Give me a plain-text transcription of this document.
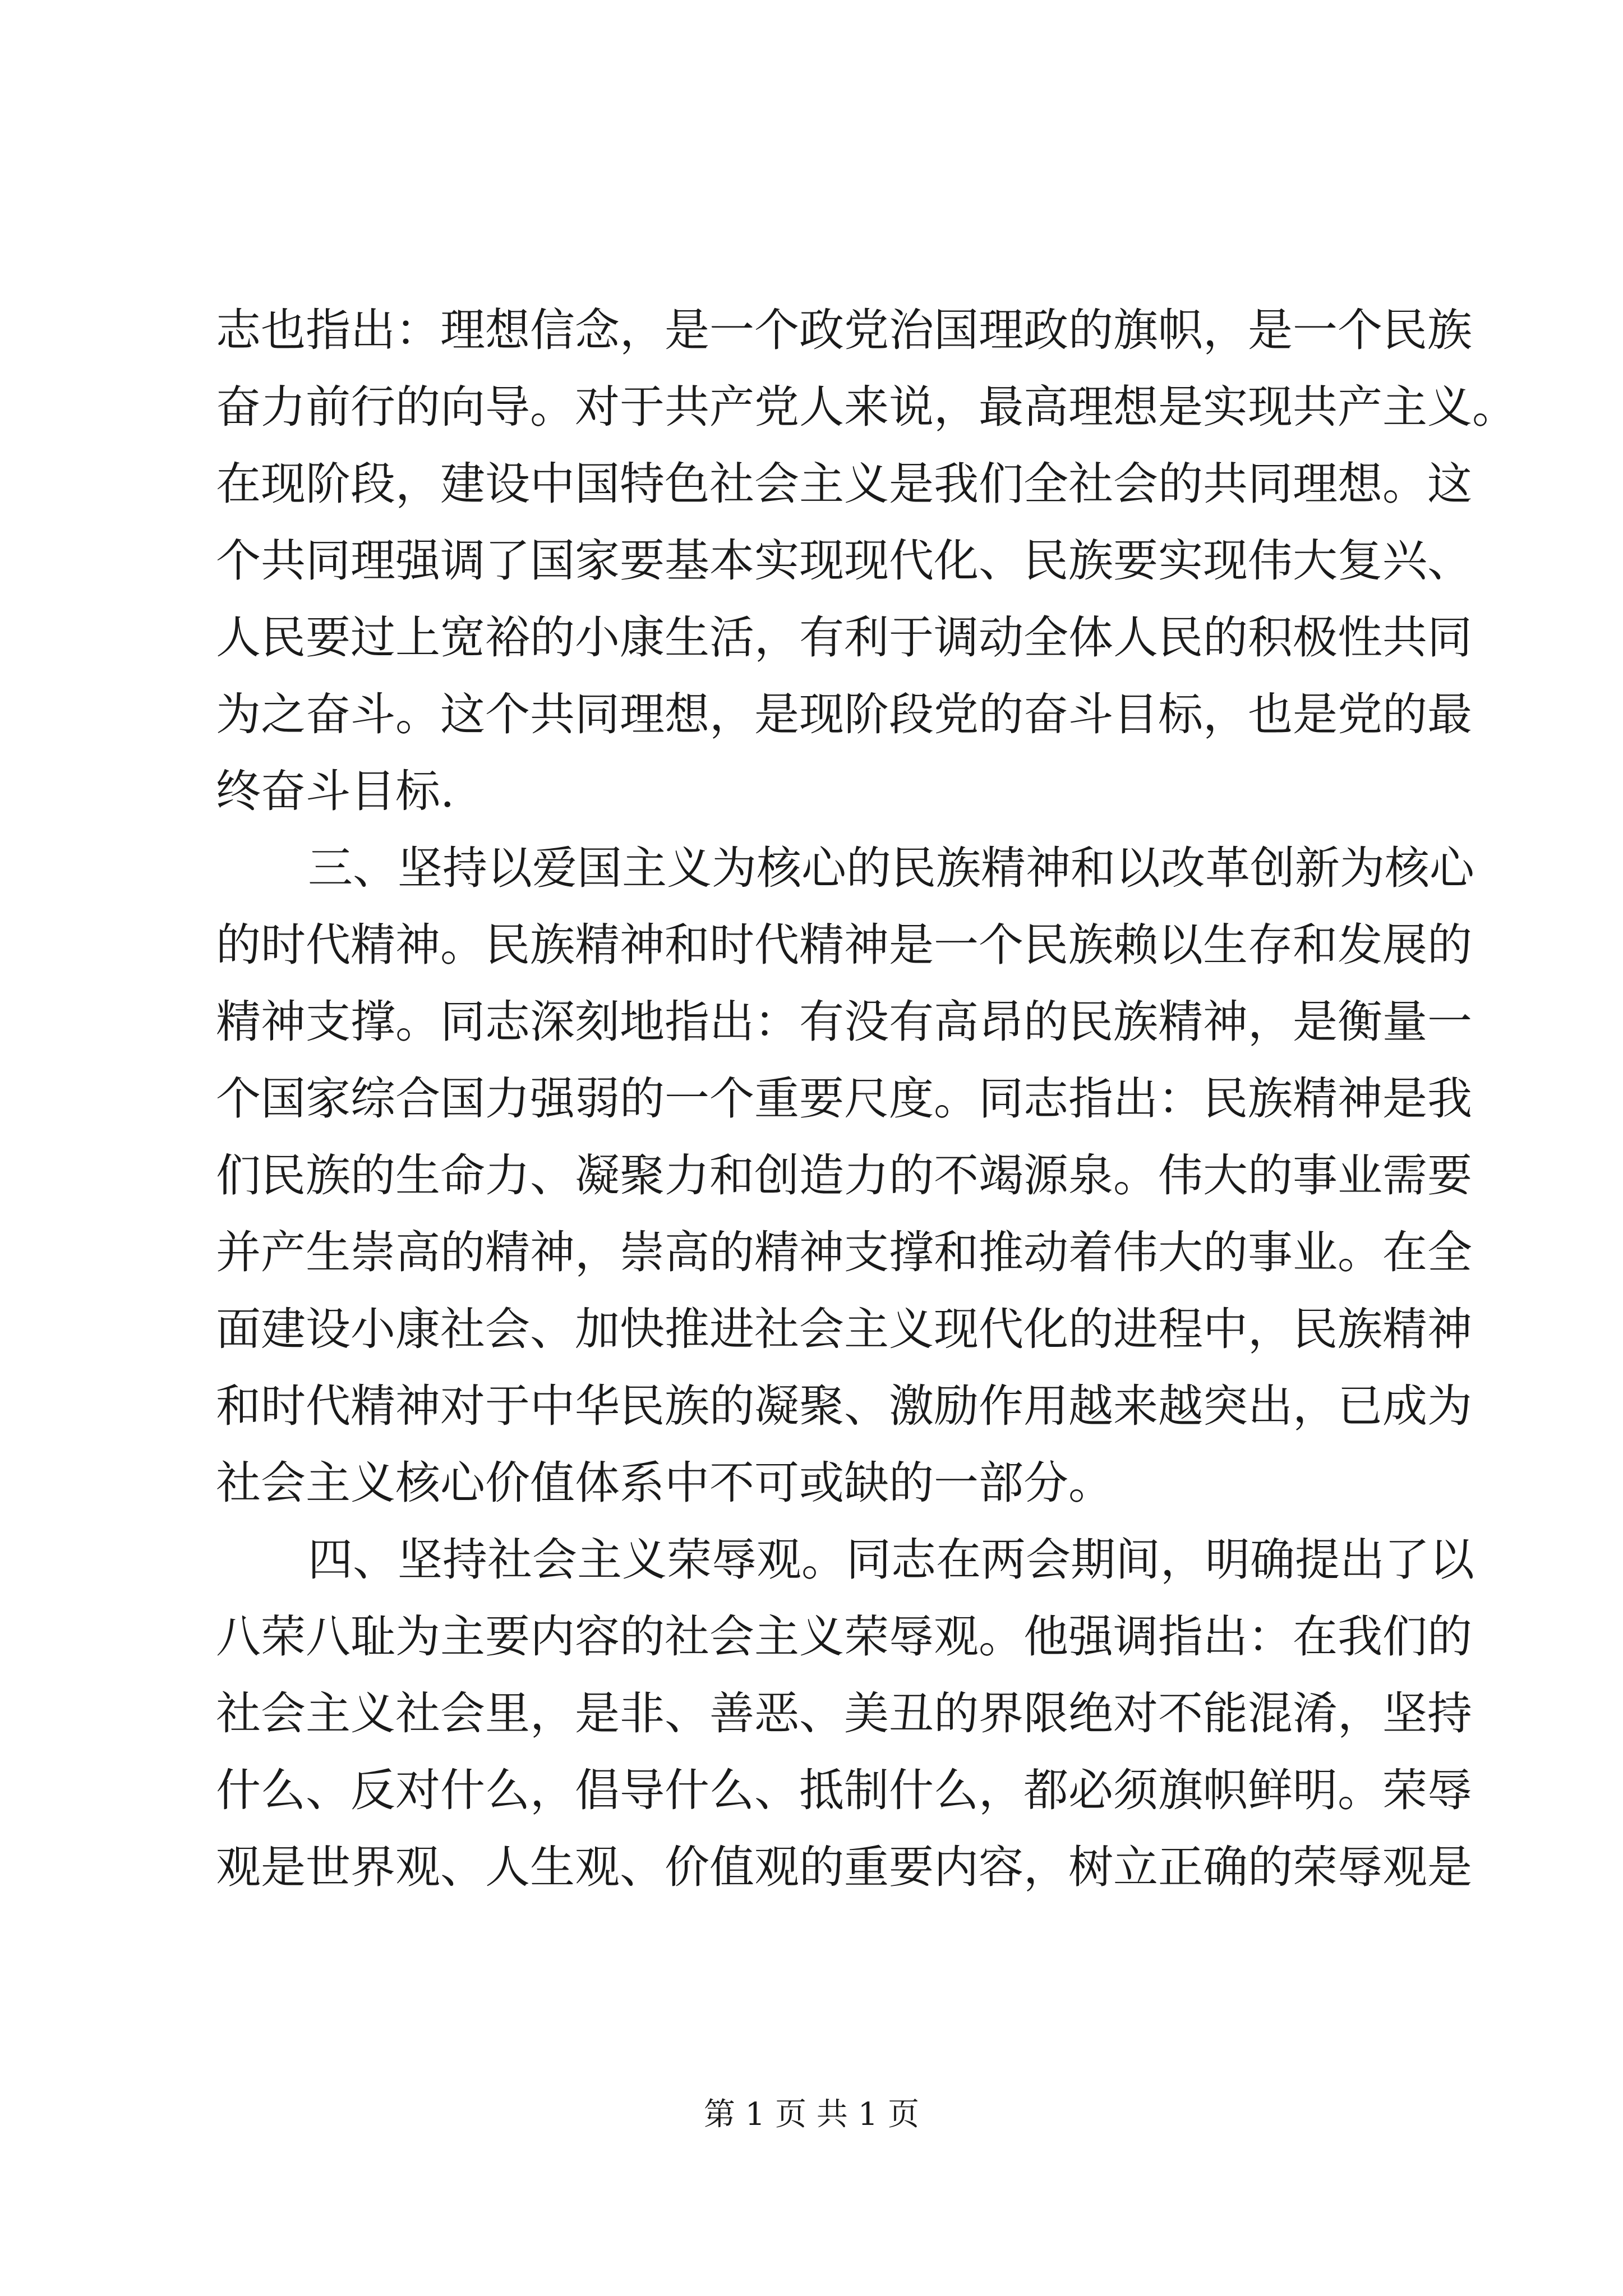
志也指出：理想信念，是一个政党治国理政的旗帜，是一个民族
奋力前行的向导。对于共产党人来说，最高理想是实现共产主义。
在现阶段，建设中国特色社会主义是我们全社会的共同理想。这
个共同理强调了国家要基本实现现代化、民族要实现伟大复兴、
人民要过上宽裕的小康生活，有利于调动全体人民的积极性共同
为之奋斗。这个共同理想，是现阶段党的奋斗目标，也是党的最
终奋斗目标.
三、坚持以爱国主义为核心的民族精神和以改革创新为核心
的时代精神。民族精神和时代精神是一个民族赖以生存和发展的
精神支撑。同志深刻地指出：有没有高昂的民族精神，是衡量一
个国家综合国力强弱的一个重要尺度。同志指出：民族精神是我
们民族的生命力、凝聚力和创造力的不竭源泉。伟大的事业需要
并产生崇高的精神，崇高的精神支撑和推动着伟大的事业。在全
面建设小康社会、加快推进社会主义现代化的进程中，民族精神
和时代精神对于中华民族的凝聚、激励作用越来越突出，已成为
社会主义核心价值体系中不可或缺的一部分。
四、坚持社会主义荣辱观。同志在两会期间，明确提出了以
八荣八耻为主要内容的社会主义荣辱观。他强调指出：在我们的
社会主义社会里，是非、善恶、美丑的界限绝对不能混淆，坚持
什么、反对什么，倡导什么、抵制什么，都必须旗帜鲜明。荣辱
观是世界观、人生观、价值观的重要内容，树立正确的荣辱观是
第 1 页 共 1 页
